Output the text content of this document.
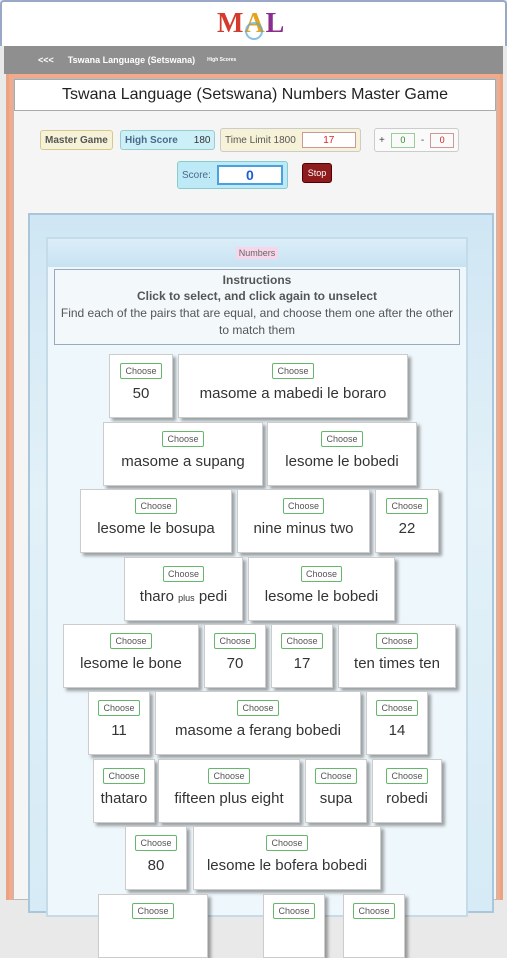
MAL
<<< Tswana Language (Setswana) High Scores
Tswana Language (Setswana) Numbers Master Game
Master Game	High Score 180 Time Limit 1800	17	+	0	-	0
Score:	0	Stop
Numbers
Instructions
Click to select, and click again to unselect
Find each of the pairs that are equal, and choose them one after the other to match them
Choose
50
Choose
masome a mabedi le boraro
Choose
masome a supang
Choose
lesome le bobedi
Choose
lesome le bosupa
Choose
nine minus two
Choose
22
Choose
tharo plus pedi
Choose
lesome le bobedi
Choose
lesome le bone
Choose
70
Choose
17
Choose
ten times ten
Choose
11
Choose
masome a ferang bobedi
Choose
14
Choose
thataro
Choose
fifteen plus eight
Choose
supa
Choose
robedi
Choose
80
Choose
lesome le bofera bobedi
Choose	Choose	Choose
